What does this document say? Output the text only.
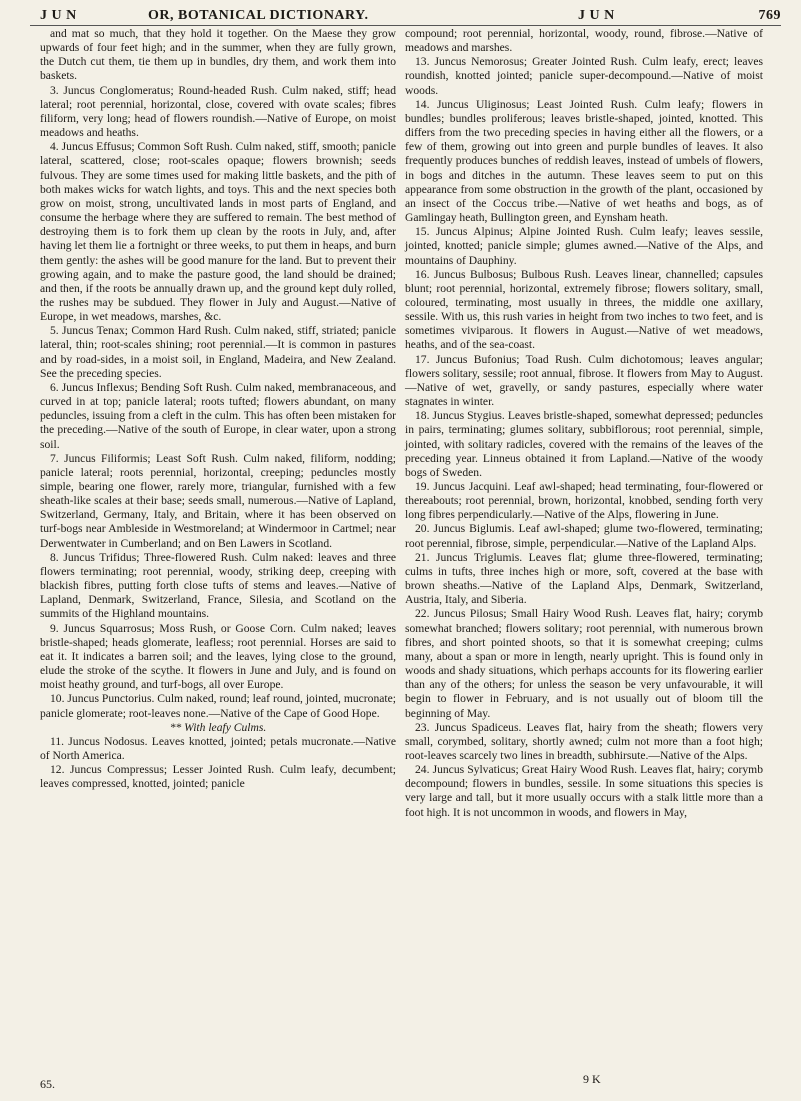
J U N	OR, BOTANICAL DICTIONARY.	J U N	769

and mat so much, that they hold it together. On the Maese they grow upwards of four feet high; and in the summer, when they are fully grown, the Dutch cut them, tie them up in bundles, dry them, and work them into baskets.

3. Juncus Conglomeratus; Round-headed Rush. Culm naked, stiff; head lateral; root perennial, horizontal, close, covered with ovate scales; fibres filiform, very long; head of flowers roundish.—Native of Europe, on moist meadows and heaths.

4. Juncus Effusus; Common Soft Rush. Culm naked, stiff, smooth; panicle lateral, scattered, close; root-scales opaque; flowers brownish; seeds fulvous. They are some times used for making little baskets, and the pith of both makes wicks for watch lights, and toys. This and the next species both grow on moist, strong, uncultivated lands in most parts of England, and consume the herbage where they are suffered to remain. The best method of destroying them is to fork them up clean by the roots in July, and, after having let them lie a fortnight or three weeks, to put them in heaps, and burn them gently: the ashes will be good manure for the land. But to prevent their growing again, and to make the pasture good, the land should be drained; and then, if the roots be annually drawn up, and the ground kept duly rolled, the rushes may be subdued. They flower in July and August.—Native of Europe, in wet meadows, marshes, &c.

5. Juncus Tenax; Common Hard Rush. Culm naked, stiff, striated; panicle lateral, thin; root-scales shining; root perennial.—It is common in pastures and by road-sides, in a moist soil, in England, Madeira, and New Zealand. See the preceding species.

6. Juncus Inflexus; Bending Soft Rush. Culm naked, membranaceous, and curved in at top; panicle lateral; roots tufted; flowers abundant, on many peduncles, issuing from a cleft in the culm. This has often been mistaken for the preceding.—Native of the south of Europe, in clear water, upon a strong soil.

7. Juncus Filiformis; Least Soft Rush. Culm naked, filiform, nodding; panicle lateral; roots perennial, horizontal, creeping; peduncles mostly simple, bearing one flower, rarely more, triangular, furnished with a few sheath-like scales at their base; seeds small, numerous.—Native of Lapland, Switzerland, Germany, Italy, and Britain, where it has been observed on turf-bogs near Ambleside in Westmoreland; at Windermoor in Cartmel; near Derwentwater in Cumberland; and on Ben Lawers in Scotland.

8. Juncus Trifidus; Three-flowered Rush. Culm naked: leaves and three flowers terminating; root perennial, woody, striking deep, creeping with blackish fibres, putting forth close tufts of stems and leaves.—Native of Lapland, Denmark, Switzerland, France, Silesia, and Scotland on the summits of the Highland mountains.

9. Juncus Squarrosus; Moss Rush, or Goose Corn. Culm naked; leaves bristle-shaped; heads glomerate, leafless; root perennial. Horses are said to eat it. It indicates a barren soil; and the leaves, lying close to the ground, elude the stroke of the scythe. It flowers in June and July, and is found on moist heathy ground, and turf-bogs, all over Europe.

10. Juncus Punctorius. Culm naked, round; leaf round, jointed, mucronate; panicle glomerate; root-leaves none.—Native of the Cape of Good Hope.

** With leafy Culms.

11. Juncus Nodosus. Leaves knotted, jointed; petals mucronate.—Native of North America.

12. Juncus Compressus; Lesser Jointed Rush. Culm leafy, decumbent; leaves compressed, knotted, jointed; panicle

65.

compound; root perennial, horizontal, woody, round, fibrose.—Native of meadows and marshes.

13. Juncus Nemorosus; Greater Jointed Rush. Culm leafy, erect; leaves roundish, knotted jointed; panicle super-decompound.—Native of moist woods.

14. Juncus Uliginosus; Least Jointed Rush. Culm leafy; flowers in bundles; bundles proliferous; leaves bristle-shaped, jointed, knotted. This differs from the two preceding species in having either all the flowers, or a few of them, growing out into green and purple bundles of leaves. It also frequently produces bunches of reddish leaves, instead of umbels of flowers, in bogs and ditches in the autumn. These leaves seem to put on this appearance from some obstruction in the growth of the plant, occasioned by an insect of the Coccus tribe.—Native of wet heaths and bogs, as of Gamlingay heath, Bullington green, and Eynsham heath.

15. Juncus Alpinus; Alpine Jointed Rush. Culm leafy; leaves sessile, jointed, knotted; panicle simple; glumes awned.—Native of the Alps, and mountains of Dauphiny.

16. Juncus Bulbosus; Bulbous Rush. Leaves linear, channelled; capsules blunt; root perennial, horizontal, extremely fibrose; flowers solitary, small, coloured, terminating, most usually in threes, the middle one axillary, sessile. With us, this rush varies in height from two inches to two feet, and is sometimes viviparous. It flowers in August.—Native of wet meadows, heaths, and of the sea-coast.

17. Juncus Bufonius; Toad Rush. Culm dichotomous; leaves angular; flowers solitary, sessile; root annual, fibrose. It flowers from May to August.—Native of wet, gravelly, or sandy pastures, especially where water stagnates in winter.

18. Juncus Stygius. Leaves bristle-shaped, somewhat depressed; peduncles in pairs, terminating; glumes solitary, subbiflorous; root perennial, simple, jointed, with solitary radicles, covered with the remains of the leaves of the preceding year. Linneus obtained it from Lapland.—Native of the woody bogs of Sweden.

19. Juncus Jacquini. Leaf awl-shaped; head terminating, four-flowered or thereabouts; root perennial, brown, horizontal, knobbed, sending forth very long fibres perpendicularly.—Native of the Alps, flowering in June.

20. Juncus Biglumis. Leaf awl-shaped; glume two-flowered, terminating; root perennial, fibrose, simple, perpendicular.—Native of the Lapland Alps.

21. Juncus Triglumis. Leaves flat; glume three-flowered, terminating; culms in tufts, three inches high or more, soft, covered at the base with brown sheaths.—Native of the Lapland Alps, Denmark, Switzerland, Austria, Italy, and Siberia.

22. Juncus Pilosus; Small Hairy Wood Rush. Leaves flat, hairy; corymb somewhat branched; flowers solitary; root perennial, with numerous brown fibres, and short pointed shoots, so that it is somewhat creeping; culms many, about a span or more in length, nearly upright. This is found only in woods and shady situations, which perhaps accounts for its flowering earlier than any of the others; for unless the season be very unfavourable, it will begin to flower in February, and is not usually out of bloom till the beginning of May.

23. Juncus Spadiceus. Leaves flat, hairy from the sheath; flowers very small, corymbed, solitary, shortly awned; culm not more than a foot high; root-leaves scarcely two lines in breadth, subhirsute.—Native of the Alps.

24. Juncus Sylvaticus; Great Hairy Wood Rush. Leaves flat, hairy; corymb decompound; flowers in bundles, sessile. In some situations this species is very large and tall, but it more usually occurs with a stalk little more than a foot high. It is not uncommon in woods, and flowers in May,

9 K
